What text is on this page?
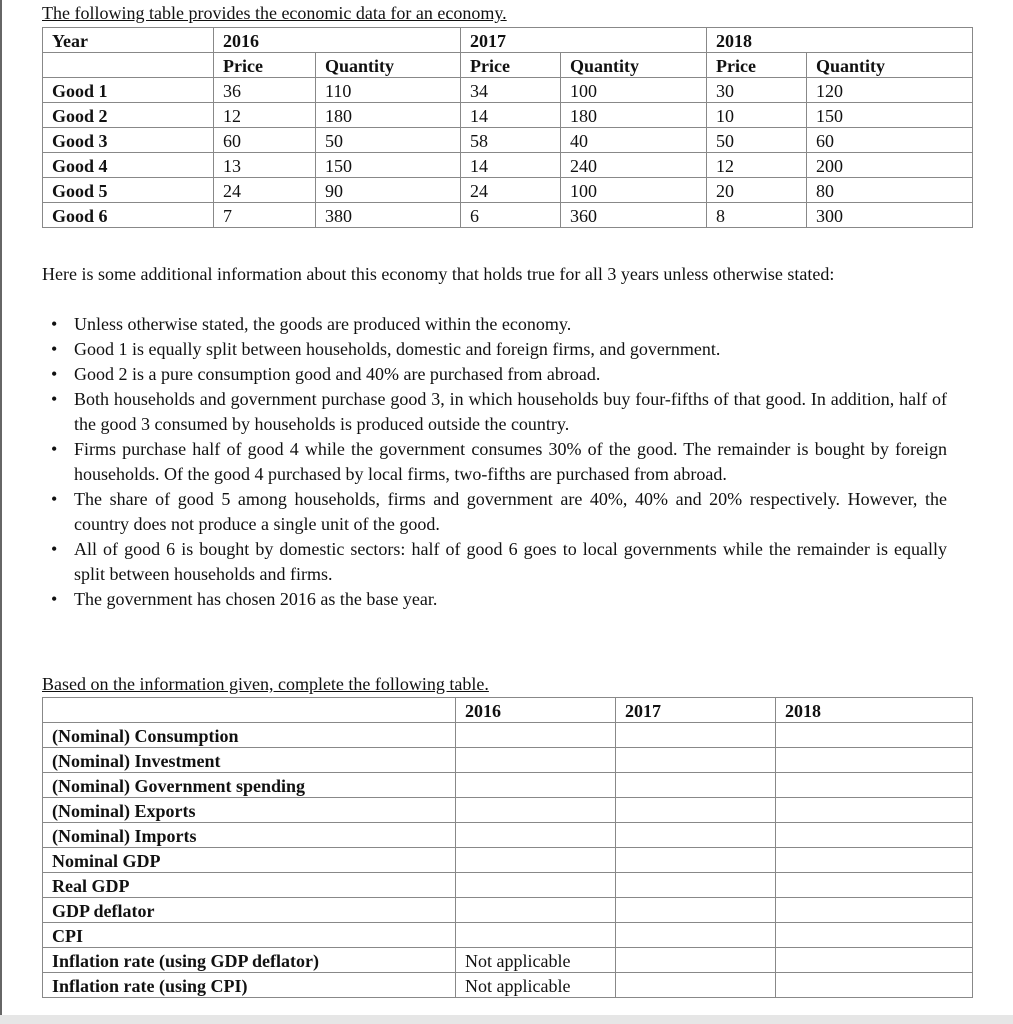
The following table provides the economic data for an economy.
Year	2016		2017		2018	
	Price	Quantity	Price	Quantity	Price	Quantity
Good 1	36	110	34	100	30	120
Good 2	12	180	14	180	10	150
Good 3	60	50	58	40	50	60
Good 4	13	150	14	240	12	200
Good 5	24	90	24	100	20	80
Good 6	7	380	6	360	8	300
Here is some additional information about this economy that holds true for all 3 years unless otherwise stated:
• Unless otherwise stated, the goods are produced within the economy.
• Good 1 is equally split between households, domestic and foreign firms, and government.
• Good 2 is a pure consumption good and 40% are purchased from abroad.
• Both households and government purchase good 3, in which households buy four-fifths of that good. In addition, half of the good 3 consumed by households is produced outside the country.
• Firms purchase half of good 4 while the government consumes 30% of the good. The remainder is bought by foreign households. Of the good 4 purchased by local firms, two-fifths are purchased from abroad.
• The share of good 5 among households, firms and government are 40%, 40% and 20% respectively. However, the country does not produce a single unit of the good.
• All of good 6 is bought by domestic sectors: half of good 6 goes to local governments while the remainder is equally split between households and firms.
• The government has chosen 2016 as the base year.
Based on the information given, complete the following table.
	2016	2017	2018
(Nominal) Consumption			
(Nominal) Investment			
(Nominal) Government spending			
(Nominal) Exports			
(Nominal) Imports			
Nominal GDP			
Real GDP			
GDP deflator			
CPI			
Inflation rate (using GDP deflator)	Not applicable		
Inflation rate (using CPI)	Not applicable		
